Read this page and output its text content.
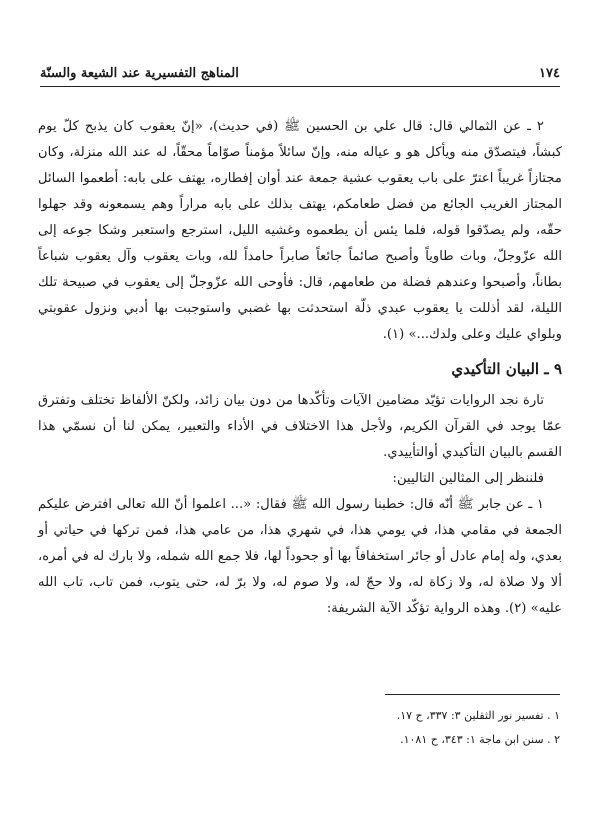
١٧٤
المناهج التفسيرية عند الشيعة والسنّة

٢ ـ عن الثمالي قال: قال علي بن الحسين ﷺ (في حديث)، «إنّ يعقوب كان يذبح كلّ يوم كبشاً، فيتصدّق منه ويأكل هو و عياله منه، وإنّ سائلاً مؤمناً صوّاماً محقّاً، له عند الله منزلة، وكان مجتازاً غريباً اعترّ على باب يعقوب عشية جمعة عند أوان إفطاره، يهتف على بابه: أطعموا السائل المجتاز الغريب الجائع من فضل طعامكم، يهتف بذلك على بابه مراراً وهم يسمعونه وقد جهلوا حقّه، ولم يصدّقوا قوله، فلما يئس أن يطعموه وغشيه الليل، استرجع واستعبر وشكا جوعه إلى الله عزّوجلّ، وبات طاوياً وأصبح صائماً جائعاً صابراً حامداً لله، وبات يعقوب وآل يعقوب شباعاً بطاناً، وأصبحوا وعندهم فضلة من طعامهم، قال: فأوحى الله عزّوجلّ إلى يعقوب في صبيحة تلك الليلة، لقد أذللت يا يعقوب عبدي ذلّة استحدثت بها غضبي واستوجبت بها أدبي ونزول عقوبتي وبلواي عليك وعلى ولدك...» (١).

٩ ـ البيان التأكيدي

تارة نجد الروايات تؤيّد مضامين الآيات وتأكّدها من دون بيان زائد، ولكنّ الألفاظ تختلف وتفترق عمّا يوجد في القرآن الكريم، ولأجل هذا الاختلاف في الأداء والتعبير، يمكن لنا أن نسمّي هذا القسم بالبيان التأكيدي أوالتأييدي.

فلننظر إلى المثالين التاليين:

١ ـ عن جابر ﷺ أنّه قال: خطبنا رسول الله ﷺ فقال: «... اعلموا أنّ الله تعالى افترض عليكم الجمعة في مقامي هذا، في يومي هذا، في شهري هذا، من عامي هذا، فمن تركها في حياتي أو بعدي، وله إمام عادل أو جائر استخفافاً بها أو جحوداً لها، فلا جمع الله شمله، ولا بارك له في أمره، ألا ولا صلاة له، ولا زكاة له، ولا حجّ له، ولا صوم له، ولا برّ له، حتى يتوب، فمن تاب، تاب الله عليه» (٢). وهذه الرواية تؤكّد الآية الشريفة:

١ . تفسير نور الثقلين ٣: ٣٣٧، ح ١٧.
٢ . سنن ابن ماجة ١: ٣٤٣، ح ١٠٨١.
